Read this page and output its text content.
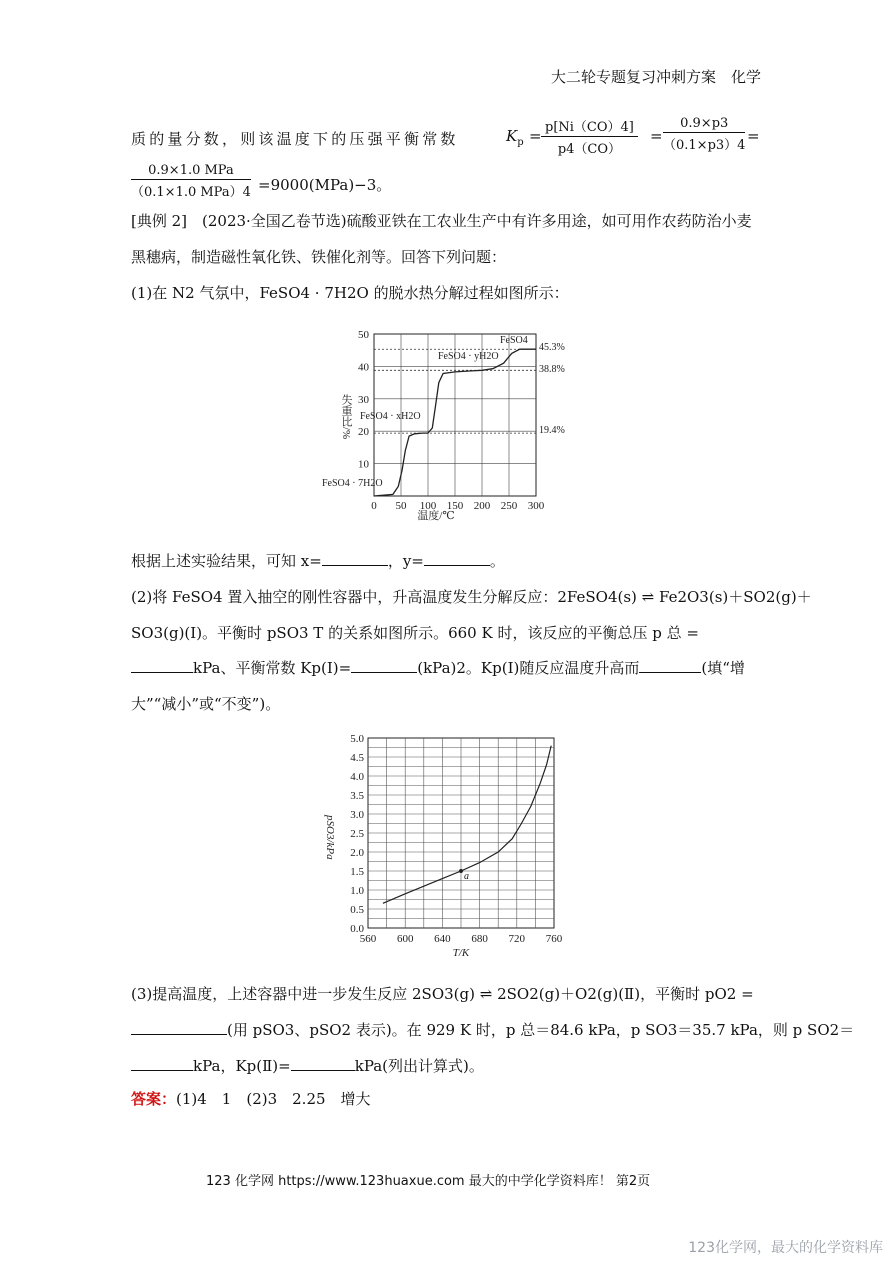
大二轮专题复习冲刺方案　化学
质的量分数，则该温度下的压强平衡常数	$K_p = \frac{p[Ni(CO)4]}{p4(CO)} = \frac{0.9\times p3}{(0.1\times p3)4}$ =
0.9×1.0 MPa
（0.1×1.0 MPa）4 =9000(MPa)−3。
[典例 2]　(2023·全国乙卷节选)硫酸亚铁在工农业生产中有许多用途，如可用作农药防治小麦
黑穗病，制造磁性氧化铁、铁催化剂等。回答下列问题：
(1)在 N2 气氛中，FeSO4 · 7H2O 的脱水热分解过程如图所示：
0 50 100 150 200 250 300
10
20
30
40
50
温度/℃
失重比/%
FeSO4 · 7H2O
FeSO4 · xH2O
FeSO4 · yH2O
FeSO4
45.3%
38.8%
19.4%
根据上述实验结果，可知 x=	，y=	。
(2)将 FeSO4 置入抽空的刚性容器中，升高温度发生分解反应：2FeSO4(s) ⇌ Fe2O3(s)＋SO2(g)＋
SO3(g)(Ⅰ)。平衡时 pSO3 T 的关系如图所示。660 K 时，该反应的平衡总压 p 总 =
kPa、平衡常数 Kp(Ⅰ)=	(kPa)2。Kp(Ⅰ)随反应温度升高而	(填“增
大”“减小”或“不变”)。
a
560 600 640 680 720 760
0.0
0.5
1.0
1.5
2.0
2.5
3.0
3.5
4.0
4.5
5.0
T/K
pSO3/kPa
(3)提高温度，上述容器中进一步发生反应 2SO3(g) ⇌ 2SO2(g)＋O2(g)(Ⅱ)，平衡时 pO2 =
(用 pSO3、pSO2 表示)。在 929 K 时，p 总＝84.6 kPa，p SO3＝35.7 kPa，则 p SO2＝
kPa，Kp(Ⅱ)=	kPa(列出计算式)。
答案：(1)4　1　(2)3　2.25　增大
123 化学网 https://www.123huaxue.com 最大的中学化学资料库！ 第2页
123化学网，最大的化学资料库
